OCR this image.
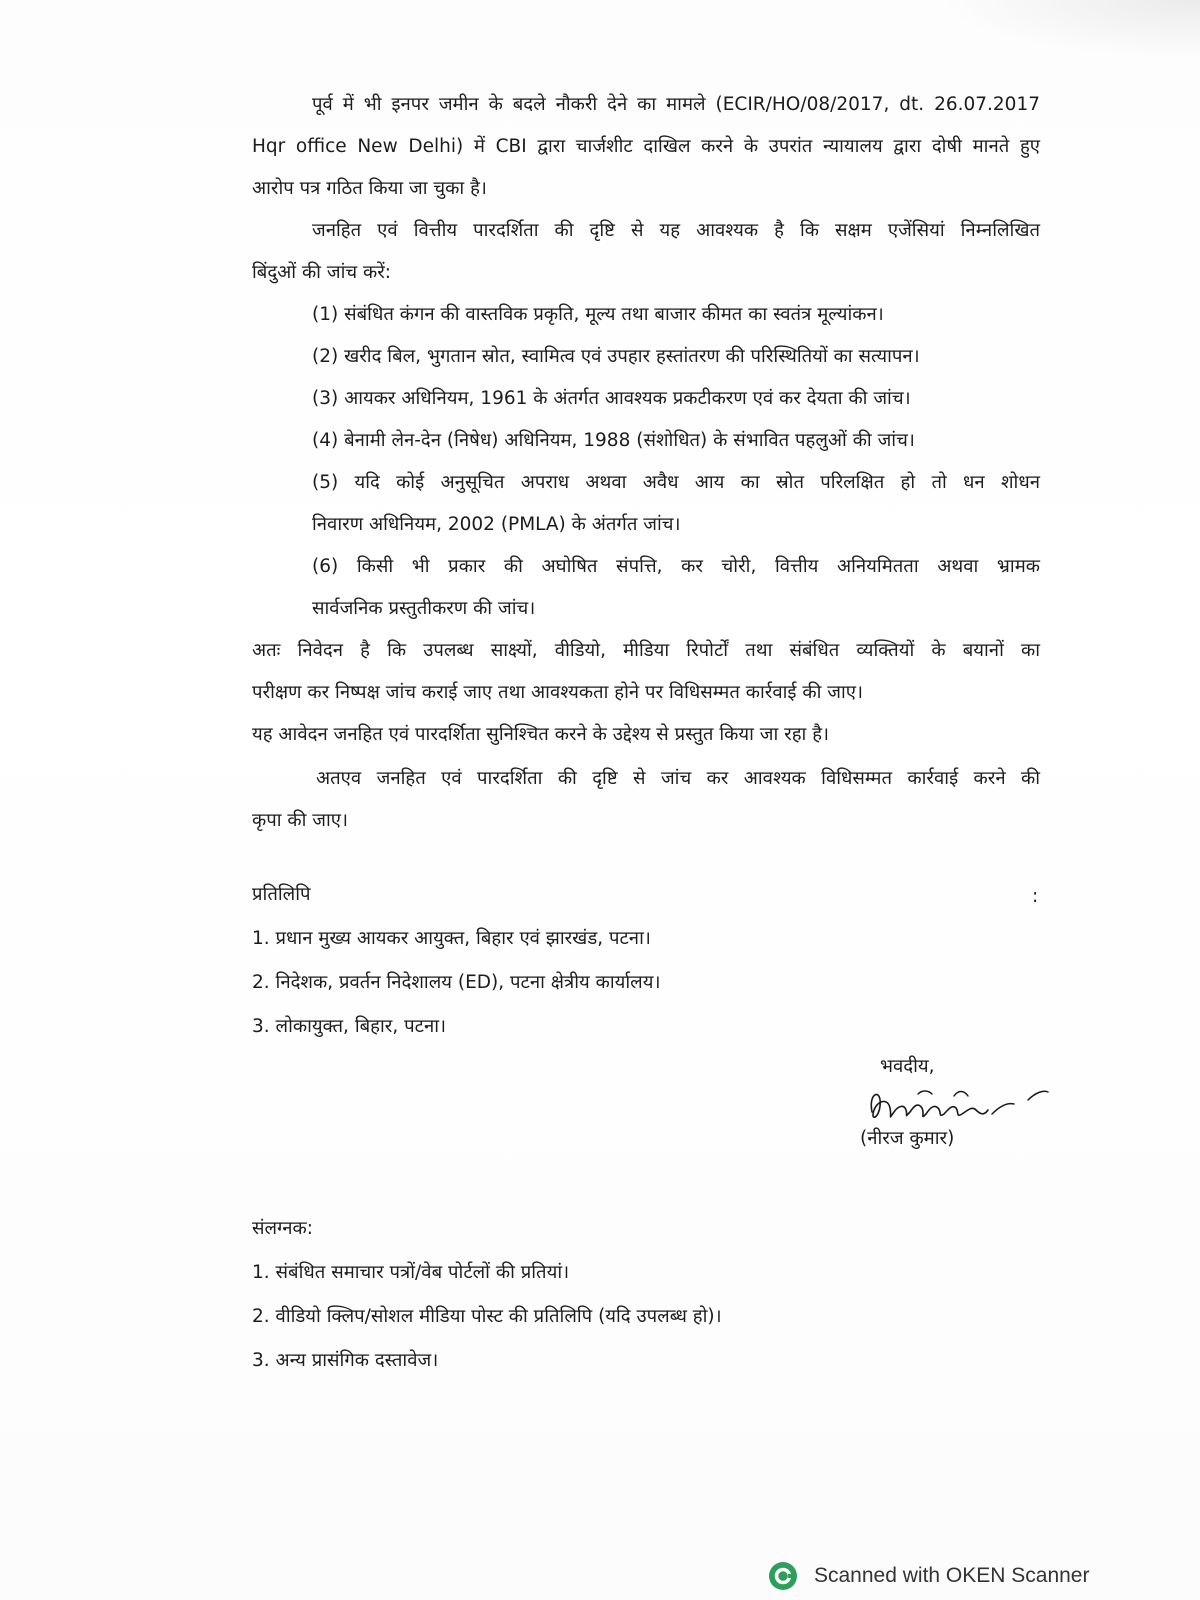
पूर्व में भी इनपर जमीन के बदले नौकरी देने का मामले (ECIR/HO/08/2017, dt. 26.07.2017
Hqr office New Delhi) में CBI द्वारा चार्जशीट दाखिल करने के उपरांत न्यायालय द्वारा दोषी मानते हुए
आरोप पत्र गठित किया जा चुका है।
जनहित एवं वित्तीय पारदर्शिता की दृष्टि से यह आवश्यक है कि सक्षम एजेंसियां निम्नलिखित
बिंदुओं की जांच करें:
(1) संबंधित कंगन की वास्तविक प्रकृति, मूल्य तथा बाजार कीमत का स्वतंत्र मूल्यांकन।
(2) खरीद बिल, भुगतान स्रोत, स्वामित्व एवं उपहार हस्तांतरण की परिस्थितियों का सत्यापन।
(3) आयकर अधिनियम, 1961 के अंतर्गत आवश्यक प्रकटीकरण एवं कर देयता की जांच।
(4) बेनामी लेन-देन (निषेध) अधिनियम, 1988 (संशोधित) के संभावित पहलुओं की जांच।
(5) यदि कोई अनुसूचित अपराध अथवा अवैध आय का स्रोत परिलक्षित हो तो धन शोधन
निवारण अधिनियम, 2002 (PMLA) के अंतर्गत जांच।
(6) किसी भी प्रकार की अघोषित संपत्ति, कर चोरी, वित्तीय अनियमितता अथवा भ्रामक
सार्वजनिक प्रस्तुतीकरण की जांच।
अतः निवेदन है कि उपलब्ध साक्ष्यों, वीडियो, मीडिया रिपोर्टों तथा संबंधित व्यक्तियों के बयानों का
परीक्षण कर निष्पक्ष जांच कराई जाए तथा आवश्यकता होने पर विधिसम्मत कार्रवाई की जाए।
यह आवेदन जनहित एवं पारदर्शिता सुनिश्चित करने के उद्देश्य से प्रस्तुत किया जा रहा है।
अतएव जनहित एवं पारदर्शिता की दृष्टि से जांच कर आवश्यक विधिसम्मत कार्रवाई करने की
कृपा की जाए।
प्रतिलिपि	:
1. प्रधान मुख्य आयकर आयुक्त, बिहार एवं झारखंड, पटना।
2. निदेशक, प्रवर्तन निदेशालय (ED), पटना क्षेत्रीय कार्यालय।
3. लोकायुक्त, बिहार, पटना।
भवदीय,
(नीरज कुमार)
संलग्नक:
1. संबंधित समाचार पत्रों/वेब पोर्टलों की प्रतियां।
2. वीडियो क्लिप/सोशल मीडिया पोस्ट की प्रतिलिपि (यदि उपलब्ध हो)।
3. अन्य प्रासंगिक दस्तावेज।
Scanned with OKEN Scanner
